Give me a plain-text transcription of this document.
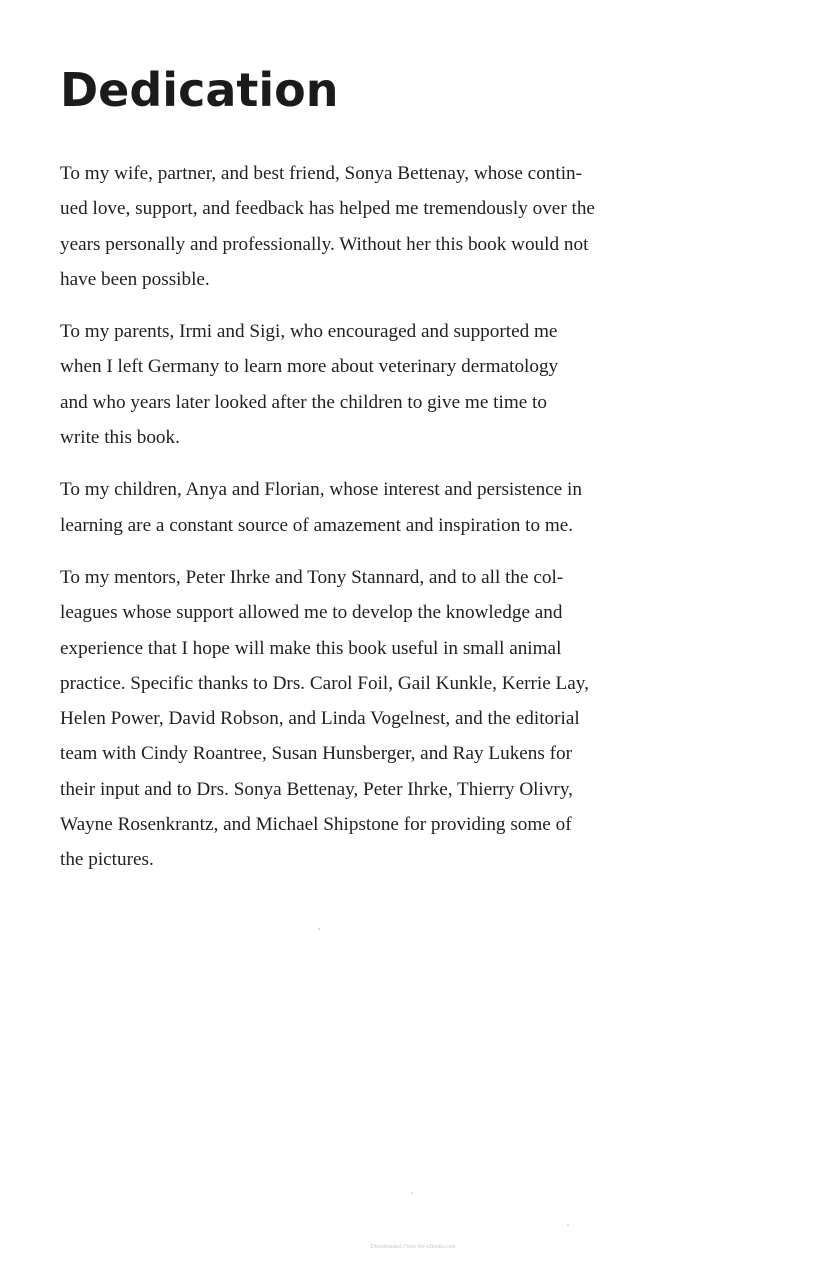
Dedication

To my wife, partner, and best friend, Sonya Bettenay, whose contin-
ued love, support, and feedback has helped me tremendously over the
years personally and professionally. Without her this book would not
have been possible.

To my parents, Irmi and Sigi, who encouraged and supported me
when I left Germany to learn more about veterinary dermatology
and who years later looked after the children to give me time to
write this book.

To my children, Anya and Florian, whose interest and persistence in
learning are a constant source of amazement and inspiration to me.

To my mentors, Peter Ihrke and Tony Stannard, and to all the col-
leagues whose support allowed me to develop the knowledge and
experience that I hope will make this book useful in small animal
practice. Specific thanks to Drs. Carol Foil, Gail Kunkle, Kerrie Lay,
Helen Power, David Robson, and Linda Vogelnest, and the editorial
team with Cindy Roantree, Susan Hunsberger, and Ray Lukens for
their input and to Drs. Sonya Bettenay, Peter Ihrke, Thierry Olivry,
Wayne Rosenkrantz, and Michael Shipstone for providing some of
the pictures.

Downloaded From Vet-eBooks.com
